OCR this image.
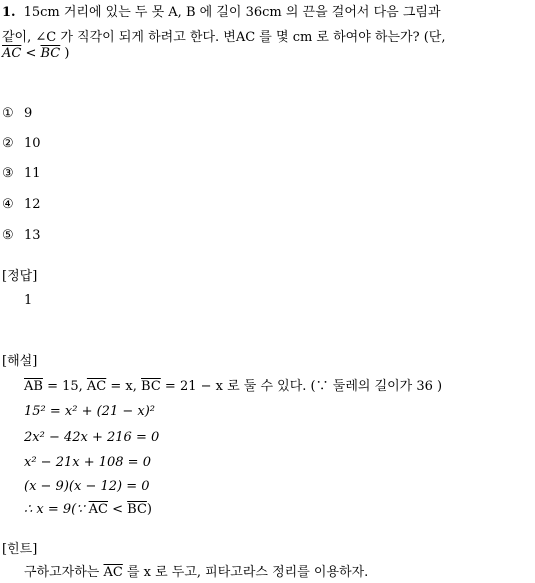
1. 15cm 거리에 있는 두 못 A, B 에 길이 36cm 의 끈을 걸어서 다음 그림과
같이, ∠C 가 직각이 되게 하려고 한다. 변AC 를 몇 cm 로 하여야 하는가? (단,
$\overline{AC} < \overline{BC}$ )
① 9
② 10
③ 11
④ 12
⑤ 13
[정답]
1
[해설]
$\overline{AB} = 15$, $\overline{AC} = x$, $\overline{BC} = 21 - x$ 로 둘 수 있다. (∵ 둘레의 길이가 36 )
15² = x² + (21 − x)²
2x² − 42x + 216 = 0
x² − 21x + 108 = 0
(x − 9)(x − 12) = 0
∴ x = 9(∵ $\overline{AC} < \overline{BC}$)
[힌트]
구하고자하는 $\overline{AC}$ 를 x 로 두고, 피타고라스 정리를 이용하자.
